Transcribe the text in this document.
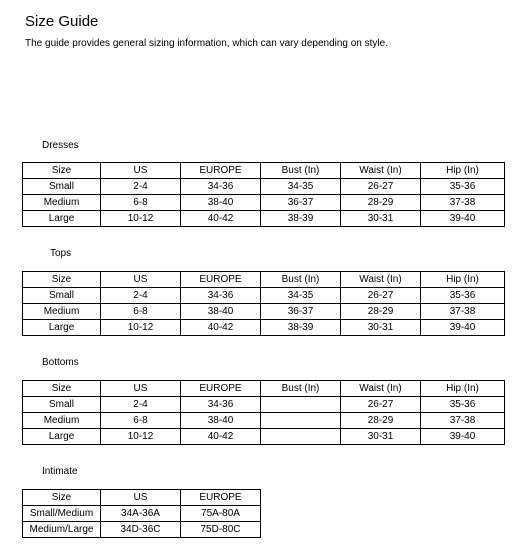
Size Guide

The guide provides general sizing information, which can vary depending on style.

Dresses
Size	US	EUROPE	Bust (In)	Waist (In)	Hip (In)
Small	2-4	34-36	34-35	26-27	35-36
Medium	6-8	38-40	36-37	28-29	37-38
Large	10-12	40-42	38-39	30-31	39-40
Tops
Size	US	EUROPE	Bust (In)	Waist (In)	Hip (In)
Small	2-4	34-36	34-35	26-27	35-36
Medium	6-8	38-40	36-37	28-29	37-38
Large	10-12	40-42	38-39	30-31	39-40
Bottoms
Size	US	EUROPE	Bust (In)	Waist (In)	Hip (In)
Small	2-4	34-36		26-27	35-36
Medium	6-8	38-40		28-29	37-38
Large	10-12	40-42		30-31	39-40
Intimate
Size	US	EUROPE
Small/Medium	34A-36A	75A-80A
Medium/Large	34D-36C	75D-80C
